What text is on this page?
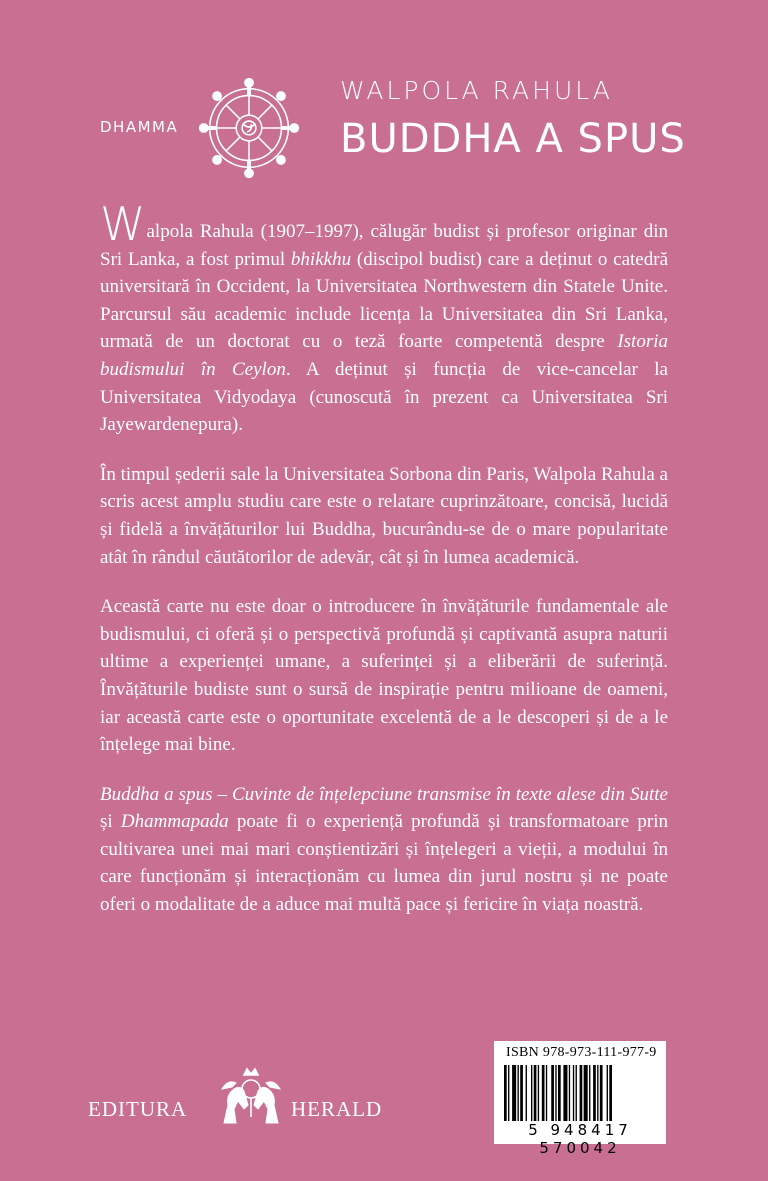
DHAMMA
WALPOLA RAHULA
BUDDHA A SPUS

Walpola Rahula (1907–1997), călugăr budist și profesor originar din Sri Lanka, a fost primul bhikkhu (discipol budist) care a deținut o catedră universitară în Occident, la Universitatea Northwestern din Statele Unite. Parcursul său academic include licența la Universitatea din Sri Lanka, urmată de un doctorat cu o teză foarte competentă despre Istoria budismului în Ceylon. A deținut și funcția de vice-cancelar la Universitatea Vidyodaya (cunoscută în prezent ca Universitatea Sri Jayewardenepura).

În timpul șederii sale la Universitatea Sorbona din Paris, Walpola Rahula a scris acest amplu studiu care este o relatare cuprinzătoare, concisă, lucidă și fidelă a învățăturilor lui Buddha, bucurându-se de o mare popularitate atât în rândul căutătorilor de adevăr, cât și în lumea academică.

Această carte nu este doar o introducere în învățăturile fundamentale ale budismului, ci oferă și o perspectivă profundă și captivantă asupra naturii ultime a experienței umane, a suferinței și a eliberării de suferință. Învățăturile budiste sunt o sursă de inspirație pentru milioane de oameni, iar această carte este o oportunitate excelentă de a le descoperi și de a le înțelege mai bine.

Buddha a spus – Cuvinte de înțelepciune transmise în texte alese din Sutte și Dhammapada poate fi o experiență profundă și transformatoare prin cultivarea unei mai mari conștientizări și înțelegeri a vieții, a modului în care funcționăm și interacționăm cu lumea din jurul nostru și ne poate oferi o modalitate de a aduce mai multă pace și fericire în viața noastră.

EDITURA	HERALD
ISBN 978-973-111-977-9
5 948417 570042
